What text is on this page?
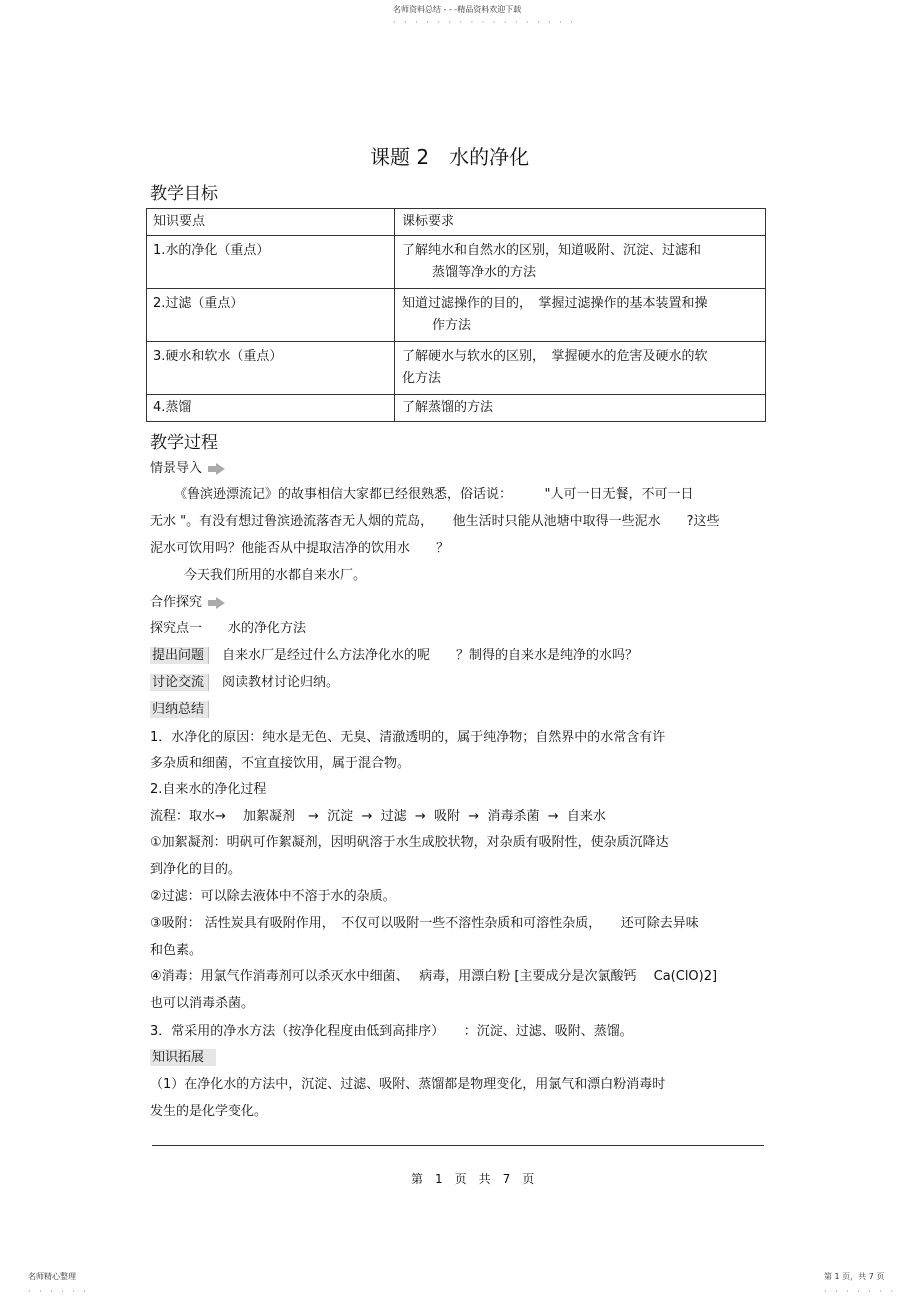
名师资料总结 - - -精品资料欢迎下载
· · · · · · · · · · · · · · · · ·
课题 2　水的净化
教学目标
知识要点	课标要求
1.水的净化（重点）	了解纯水和自然水的区别，知道吸附、沉淀、过滤和
蒸馏等净水的方法
2.过滤（重点）	知道过滤操作的目的，　掌握过滤操作的基本装置和操
作方法
3.硬水和软水（重点）	了解硬水与软水的区别，　掌握硬水的危害及硬水的软
化方法
4.蒸馏	了解蒸馏的方法
教学过程
情景导入
《鲁滨逊漂流记》的故事相信大家都已经很熟悉，俗话说：　　　"人可一日无餐，不可一日
无水 "。有没有想过鲁滨逊流落杳无人烟的荒岛，　　他生活时只能从池塘中取得一些泥水　　?这些
泥水可饮用吗？他能否从中提取洁净的饮用水　　？
今天我们所用的水都自来水厂。
合作探究
探究点一　　水的净化方法
提出问题　 自来水厂是经过什么方法净化水的呢　　？制得的自来水是纯净的水吗？
讨论交流　 阅读教材讨论归纳。
归纳总结
1．水净化的原因：纯水是无色、无臭、清澈透明的，属于纯净物；自然界中的水常含有许
多杂质和细菌，不宜直接饮用，属于混合物。
2.自来水的净化过程
流程：取水→　 加絮凝剂　→  沉淀  →  过滤  →  吸附  →  消毒杀菌  →  自来水
①加絮凝剂：明矾可作絮凝剂，因明矾溶于水生成胶状物，对杂质有吸附性，使杂质沉降达
到净化的目的。
②过滤：可以除去液体中不溶于水的杂质。
③吸附： 活性炭具有吸附作用，　不仅可以吸附一些不溶性杂质和可溶性杂质，　　还可除去异味
和色素。
④消毒：用氯气作消毒剂可以杀灭水中细菌、　 病毒，用漂白粉 [主要成分是次氯酸钙　 Ca(ClO)2]
也可以消毒杀菌。
3．常采用的净水方法（按净化程度由低到高排序）　　：沉淀、过滤、吸附、蒸馏。
知识拓展
（1）在净化水的方法中，沉淀、过滤、吸附、蒸馏都是物理变化，用氯气和漂白粉消毒时
发生的是化学变化。
第　1　页　共　7　页
名师精心整理
· · · · · ·
第 1 页，共 7 页
· · · · · · ·
